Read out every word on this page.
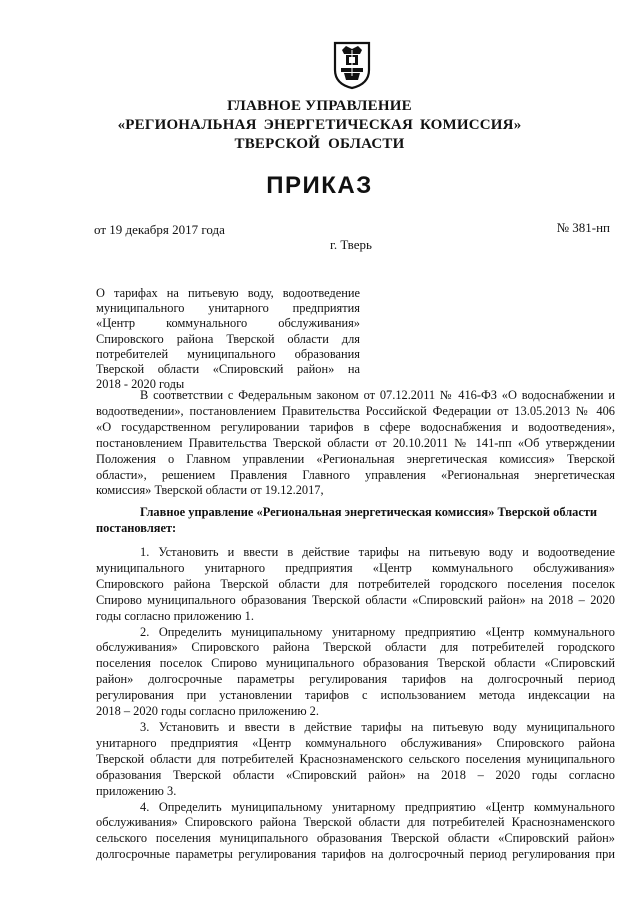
ГЛАВНОЕ УПРАВЛЕНИЕ
«РЕГИОНАЛЬНАЯ ЭНЕРГЕТИЧЕСКАЯ КОМИССИЯ»
ТВЕРСКОЙ ОБЛАСТИ
ПРИКАЗ
от 19 декабря 2017 года	№ 381-нп
г. Тверь
О тарифах на питьевую воду, водоотведение
муниципального унитарного предприятия
«Центр коммунального обслуживания»
Спировского района Тверской области для
потребителей муниципального образования
Тверской области «Спировский район» на
2018 - 2020 годы
В соответствии с Федеральным законом от 07.12.2011 № 416-ФЗ «О водоснабжении и
водоотведении», постановлением Правительства Российской Федерации от 13.05.2013 № 406
«О государственном регулировании тарифов в сфере водоснабжения и водоотведения»,
постановлением Правительства Тверской области от 20.10.2011 № 141-пп «Об утверждении
Положения о Главном управлении «Региональная энергетическая комиссия» Тверской
области», решением Правления Главного управления «Региональная энергетическая
комиссия» Тверской области от 19.12.2017,
Главное управление «Региональная энергетическая комиссия» Тверской области
постановляет:
1. Установить и ввести в действие тарифы на питьевую воду и водоотведение
муниципального унитарного предприятия «Центр коммунального обслуживания»
Спировского района Тверской области для потребителей городского поселения поселок
Спирово муниципального образования Тверской области «Спировский район» на 2018 – 2020
годы согласно приложению 1.
2. Определить муниципальному унитарному предприятию «Центр коммунального
обслуживания» Спировского района Тверской области для потребителей городского
поселения поселок Спирово муниципального образования Тверской области «Спировский
район» долгосрочные параметры регулирования тарифов на долгосрочный период
регулирования при установлении тарифов с использованием метода индексации на
2018 – 2020 годы согласно приложению 2.
3. Установить и ввести в действие тарифы на питьевую воду муниципального
унитарного предприятия «Центр коммунального обслуживания» Спировского района
Тверской области для потребителей Краснознаменского сельского поселения муниципального
образования Тверской области «Спировский район» на 2018 – 2020 годы согласно
приложению 3.
4. Определить муниципальному унитарному предприятию «Центр коммунального
обслуживания» Спировского района Тверской области для потребителей Краснознаменского
сельского поселения муниципального образования Тверской области «Спировский район»
долгосрочные параметры регулирования тарифов на долгосрочный период регулирования при
